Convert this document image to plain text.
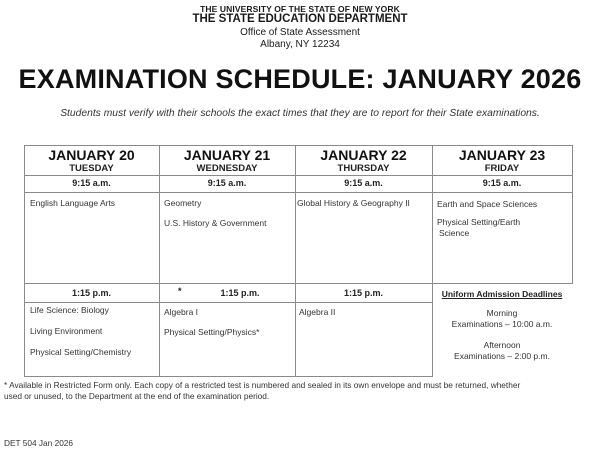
THE UNIVERSITY OF THE STATE OF NEW YORK
THE STATE EDUCATION DEPARTMENT
Office of State Assessment
Albany, NY 12234
EXAMINATION SCHEDULE: JANUARY 2026
Students must verify with their schools the exact times that they are to report for their State examinations.
JANUARY 20
TUESDAY
9:15 a.m.
English Language Arts
1:15 p.m.
Life Science: Biology
Living Environment
Physical Setting/Chemistry
JANUARY 21
WEDNESDAY
9:15 a.m.
Geometry
U.S. History & Government
*	1:15 p.m.
Algebra I
Physical Setting/Physics*
JANUARY 22
THURSDAY
9:15 a.m.
Global History & Geography II
1:15 p.m.
Algebra II
JANUARY 23
FRIDAY
9:15 a.m.
Earth and Space Sciences
Physical Setting/Earth
Science
Uniform Admission Deadlines
Morning
Examinations – 10:00 a.m.
Afternoon
Examinations – 2:00 p.m.
* Available in Restricted Form only. Each copy of a restricted test is numbered and sealed in its own envelope and must be returned, whether
used or unused, to the Department at the end of the examination period.
DET 504 Jan 2026
